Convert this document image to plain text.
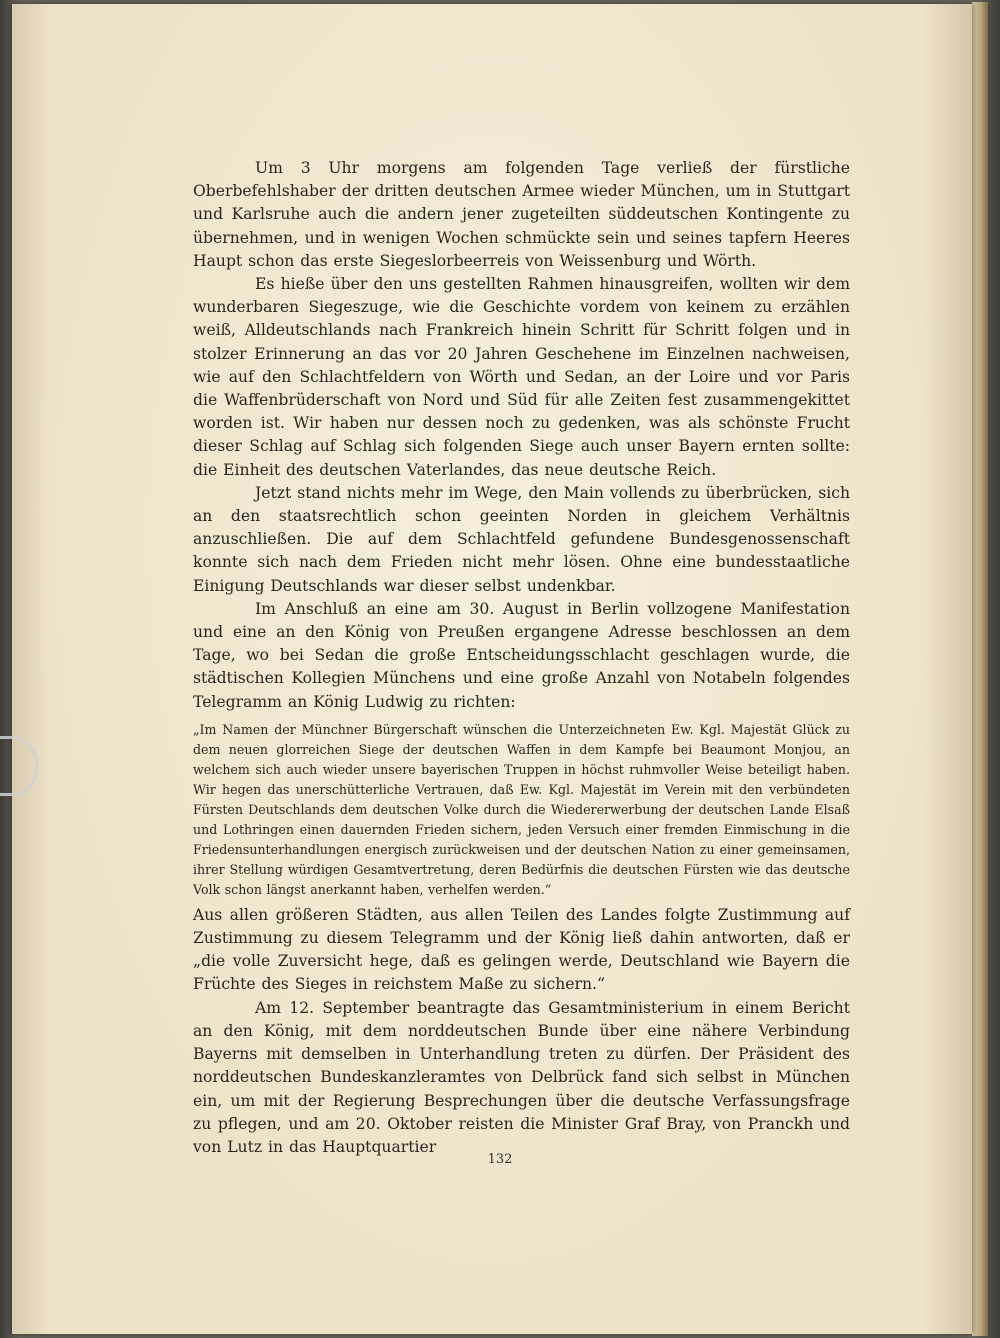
Um 3 Uhr morgens am folgenden Tage verließ der fürstliche Oberbefehlshaber der dritten deutschen Armee wieder München, um in Stuttgart und Karlsruhe auch die andern jener zugeteilten süddeutschen Kontingente zu übernehmen, und in wenigen Wochen schmückte sein und seines tapfern Heeres Haupt schon das erste Siegeslorbeerreis von Weissenburg und Wörth.

Es hieße über den uns gestellten Rahmen hinausgreifen, wollten wir dem wunderbaren Siegeszuge, wie die Geschichte vordem von keinem zu erzählen weiß, Alldeutschlands nach Frankreich hinein Schritt für Schritt folgen und in stolzer Erinnerung an das vor 20 Jahren Geschehene im Einzelnen nachweisen, wie auf den Schlachtfeldern von Wörth und Sedan, an der Loire und vor Paris die Waffenbrüderschaft von Nord und Süd für alle Zeiten fest zusammengekittet worden ist. Wir haben nur dessen noch zu gedenken, was als schönste Frucht dieser Schlag auf Schlag sich folgenden Siege auch unser Bayern ernten sollte: die Einheit des deutschen Vaterlandes, das neue deutsche Reich.

Jetzt stand nichts mehr im Wege, den Main vollends zu überbrücken, sich an den staatsrechtlich schon geeinten Norden in gleichem Verhältnis anzuschließen. Die auf dem Schlachtfeld gefundene Bundesgenossenschaft konnte sich nach dem Frieden nicht mehr lösen. Ohne eine bundesstaatliche Einigung Deutschlands war dieser selbst undenkbar.

Im Anschluß an eine am 30. August in Berlin vollzogene Manifestation und eine an den König von Preußen ergangene Adresse beschlossen an dem Tage, wo bei Sedan die große Entscheidungsschlacht geschlagen wurde, die städtischen Kollegien Münchens und eine große Anzahl von Notabeln folgendes Telegramm an König Ludwig zu richten:

„Im Namen der Münchner Bürgerschaft wünschen die Unterzeichneten Ew. Kgl. Majestät Glück zu dem neuen glorreichen Siege der deutschen Waffen in dem Kampfe bei Beaumont Monjou, an welchem sich auch wieder unsere bayerischen Truppen in höchst ruhmvoller Weise beteiligt haben. Wir hegen das unerschütterliche Vertrauen, daß Ew. Kgl. Majestät im Verein mit den verbündeten Fürsten Deutschlands dem deutschen Volke durch die Wiedererwerbung der deutschen Lande Elsaß und Lothringen einen dauernden Frieden sichern, jeden Versuch einer fremden Einmischung in die Friedensunterhandlungen energisch zurückweisen und der deutschen Nation zu einer gemeinsamen, ihrer Stellung würdigen Gesamtvertretung, deren Bedürfnis die deutschen Fürsten wie das deutsche Volk schon längst anerkannt haben, verhelfen werden.“

Aus allen größeren Städten, aus allen Teilen des Landes folgte Zustimmung auf Zustimmung zu diesem Telegramm und der König ließ dahin antworten, daß er „die volle Zuversicht hege, daß es gelingen werde, Deutschland wie Bayern die Früchte des Sieges in reichstem Maße zu sichern.“

Am 12. September beantragte das Gesamtministerium in einem Bericht an den König, mit dem norddeutschen Bunde über eine nähere Verbindung Bayerns mit demselben in Unterhandlung treten zu dürfen. Der Präsident des norddeutschen Bundeskanzleramtes von Delbrück fand sich selbst in München ein, um mit der Regierung Besprechungen über die deutsche Verfassungsfrage zu pflegen, und am 20. Oktober reisten die Minister Graf Bray, von Pranckh und von Lutz in das Hauptquartier

132
